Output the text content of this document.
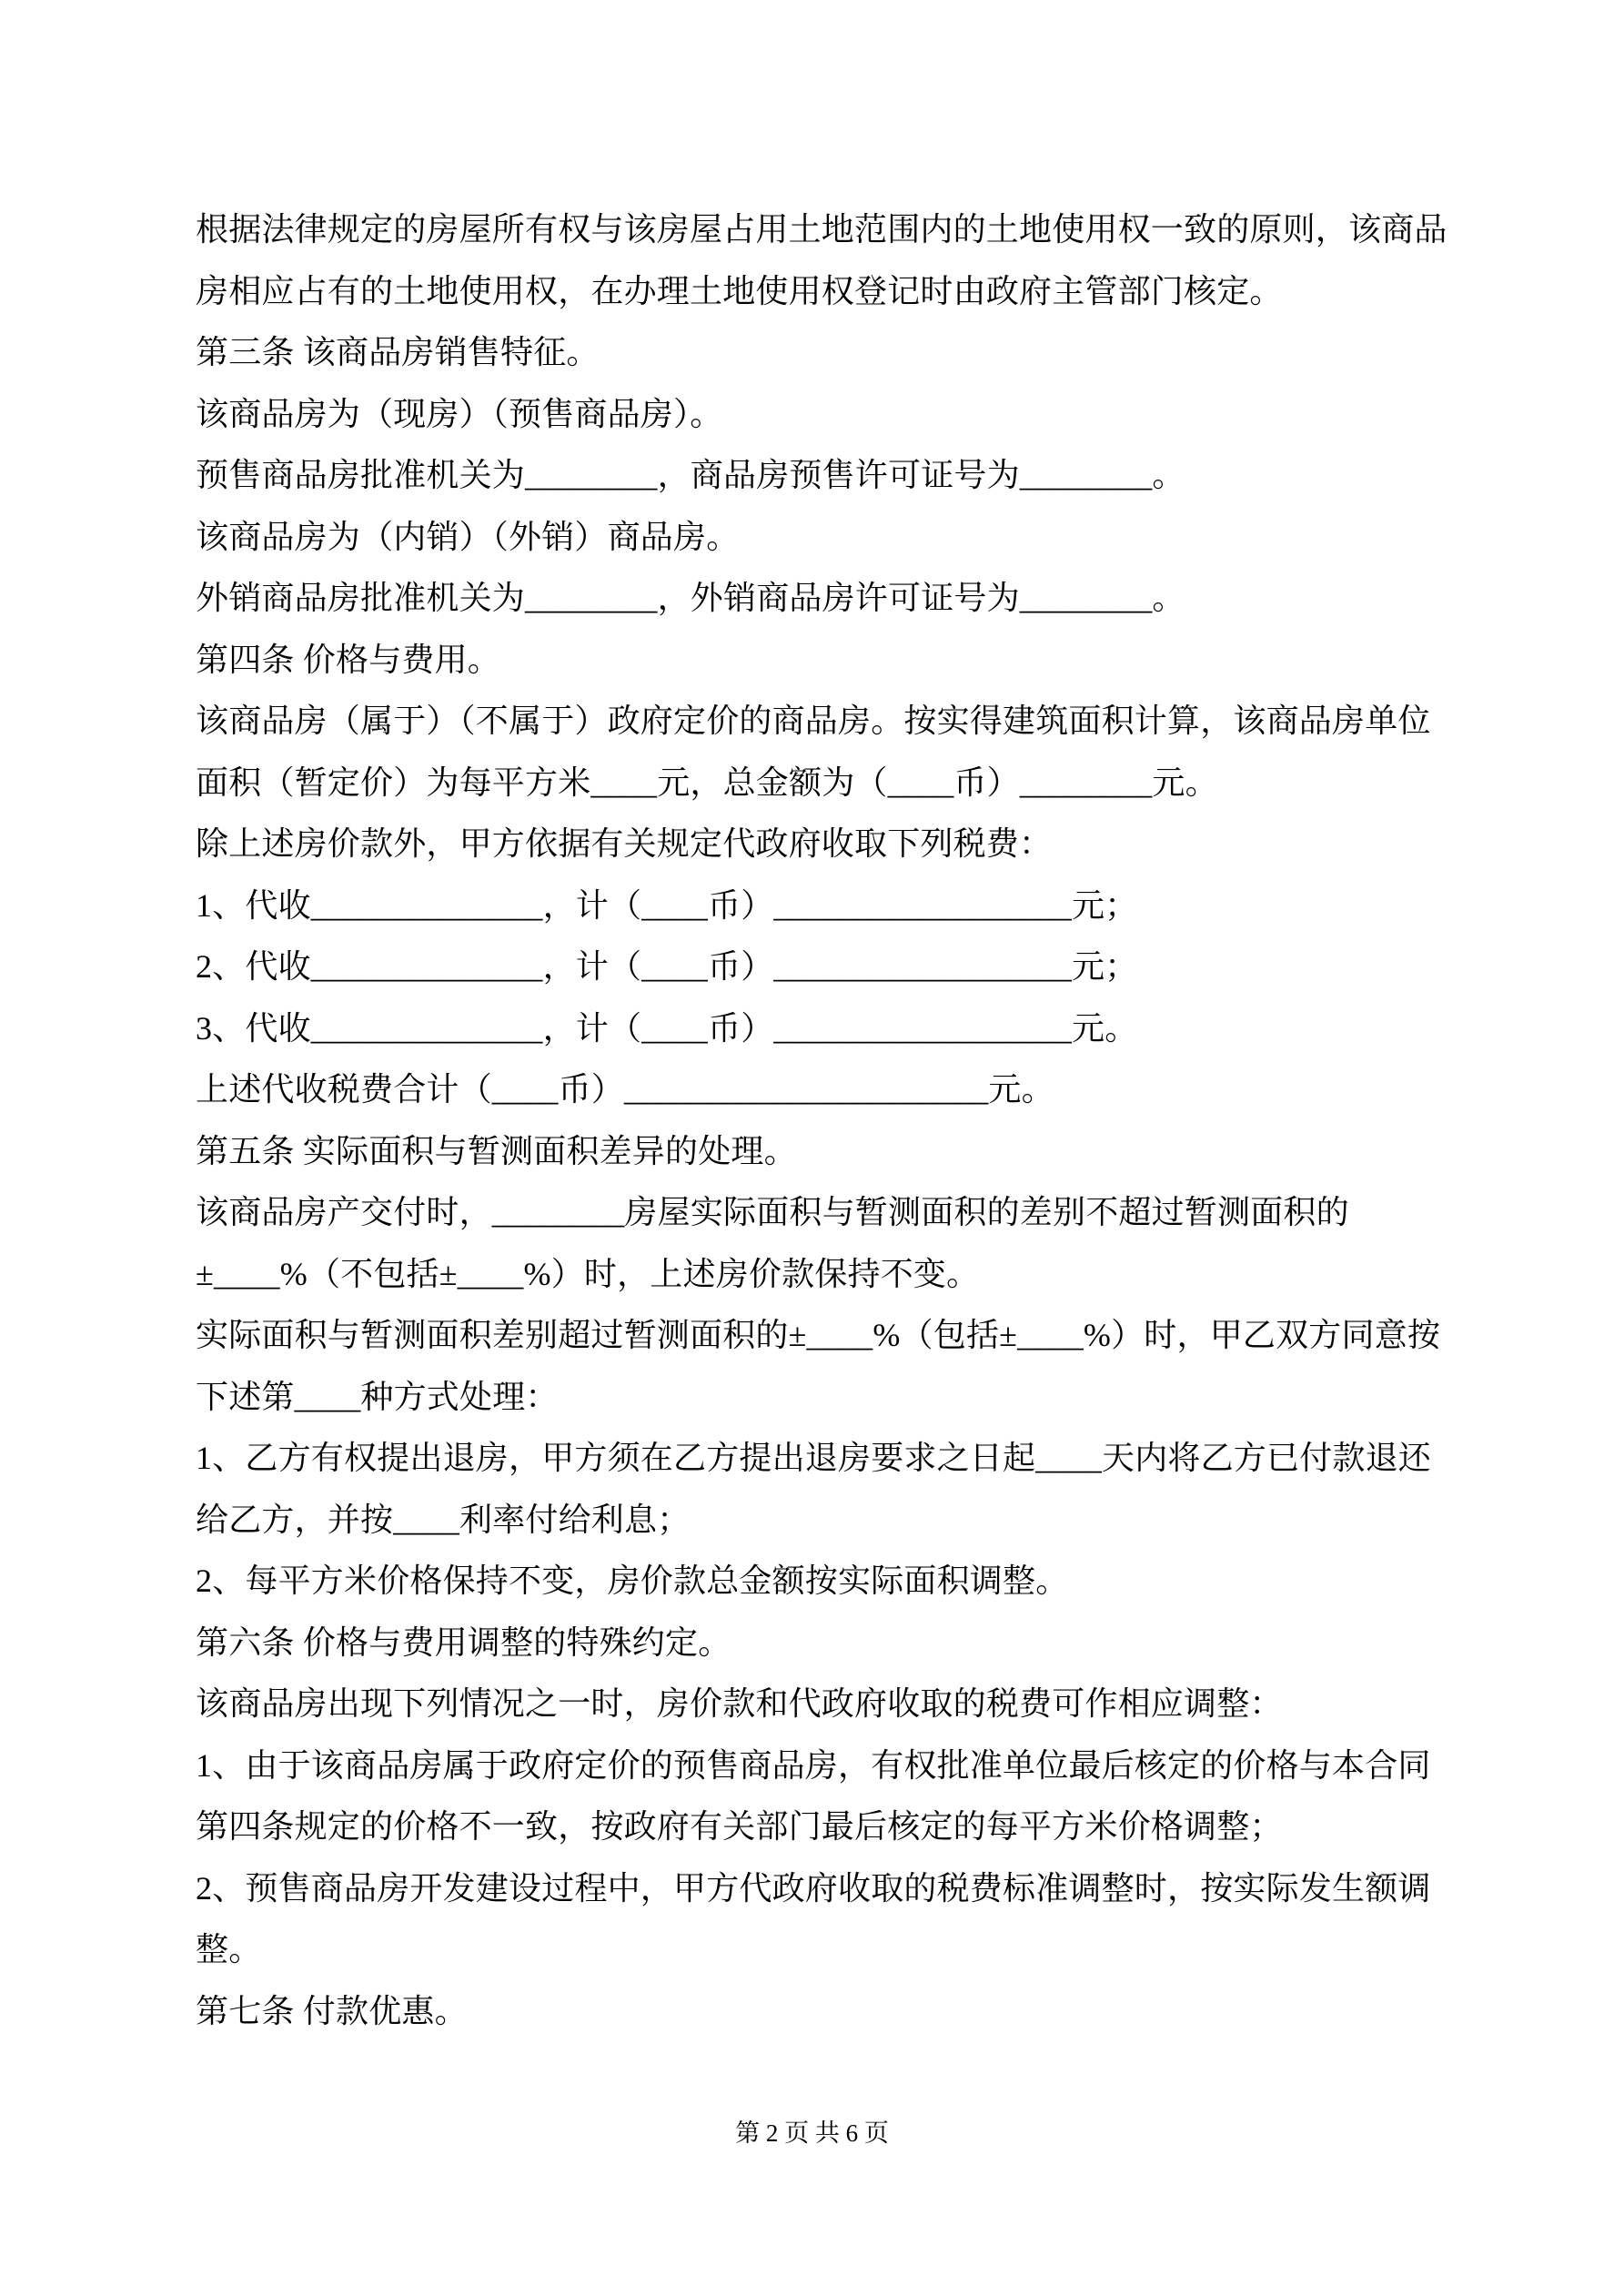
根据法律规定的房屋所有权与该房屋占用土地范围内的土地使用权一致的原则，该商品
房相应占有的土地使用权，在办理土地使用权登记时由政府主管部门核定。
第三条 该商品房销售特征。
该商品房为（现房）（预售商品房）。
预售商品房批准机关为________，商品房预售许可证号为________。
该商品房为（内销）（外销）商品房。
外销商品房批准机关为________，外销商品房许可证号为________。
第四条 价格与费用。
该商品房（属于）（不属于）政府定价的商品房。按实得建筑面积计算，该商品房单位
面积（暂定价）为每平方米____元，总金额为（____币）________元。
除上述房价款外，甲方依据有关规定代政府收取下列税费：
1、代收______________，计（____币）__________________元；
2、代收______________，计（____币）__________________元；
3、代收______________，计（____币）__________________元。
上述代收税费合计（____币）______________________元。
第五条 实际面积与暂测面积差异的处理。
该商品房产交付时，________房屋实际面积与暂测面积的差别不超过暂测面积的
±____%（不包括±____%）时，上述房价款保持不变。
实际面积与暂测面积差别超过暂测面积的±____%（包括±____%）时，甲乙双方同意按
下述第____种方式处理：
1、乙方有权提出退房，甲方须在乙方提出退房要求之日起____天内将乙方已付款退还
给乙方，并按____利率付给利息；
2、每平方米价格保持不变，房价款总金额按实际面积调整。
第六条 价格与费用调整的特殊约定。
该商品房出现下列情况之一时，房价款和代政府收取的税费可作相应调整：
1、由于该商品房属于政府定价的预售商品房，有权批准单位最后核定的价格与本合同
第四条规定的价格不一致，按政府有关部门最后核定的每平方米价格调整；
2、预售商品房开发建设过程中，甲方代政府收取的税费标准调整时，按实际发生额调
整。
第七条 付款优惠。
第 2 页 共 6 页
